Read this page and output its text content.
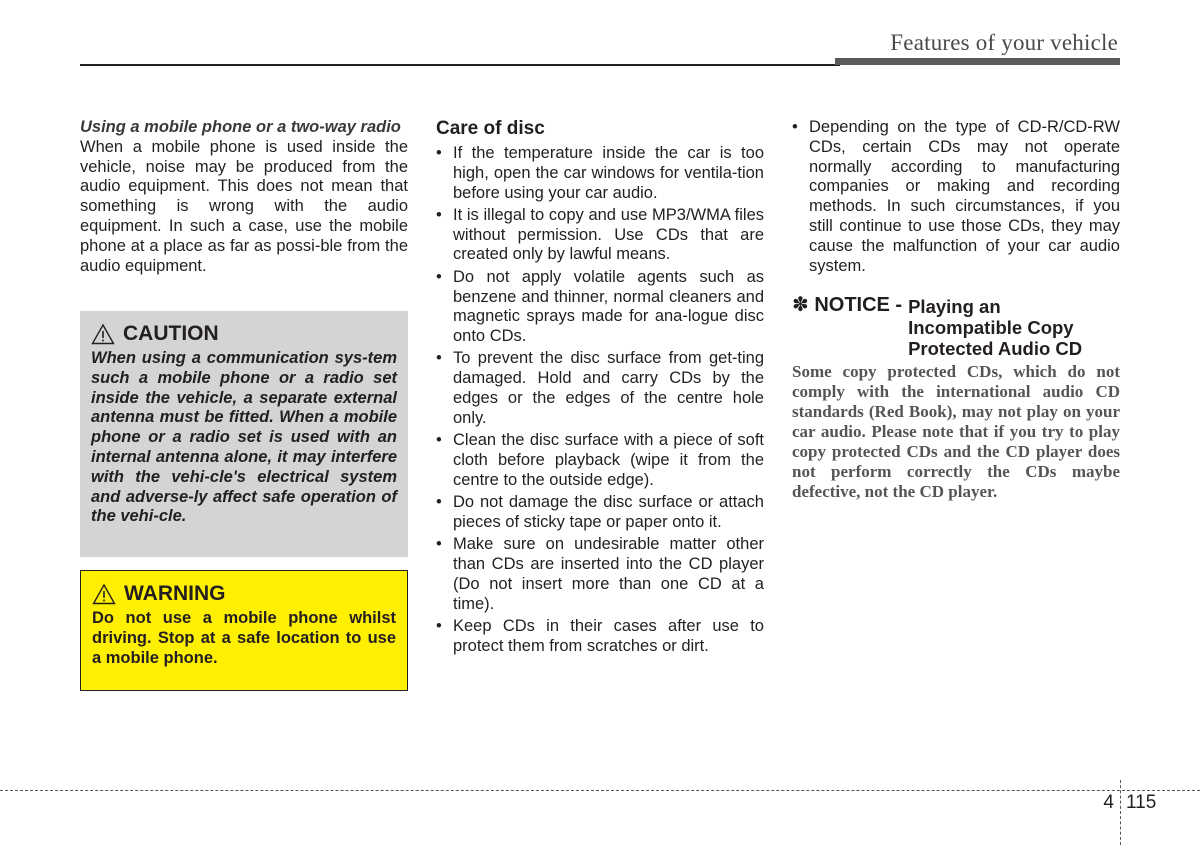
Features of your vehicle
Using a mobile phone or a two-way radio

When a mobile phone is used inside the vehicle, noise may be produced from the audio equipment. This does not mean that something is wrong with the audio equipment. In such a case, use the mobile phone at a place as far as possi-ble from the audio equipment.

CAUTION
When using a communication sys-tem such a mobile phone or a radio set inside the vehicle, a separate external antenna must be fitted. When a mobile phone or a radio set is used with an internal antenna alone, it may interfere with the vehi-cle's electrical system and adverse-ly affect safe operation of the vehi-cle.
WARNING
Do not use a mobile phone whilst driving. Stop at a safe location to use a mobile phone.
Care of disc
• If the temperature inside the car is too high, open the car windows for ventila-tion before using your car audio.
• It is illegal to copy and use MP3/WMA files without permission. Use CDs that are created only by lawful means.
• Do not apply volatile agents such as benzene and thinner, normal cleaners and magnetic sprays made for ana-logue disc onto CDs.
• To prevent the disc surface from get-ting damaged. Hold and carry CDs by the edges or the edges of the centre hole only.
• Clean the disc surface with a piece of soft cloth before playback (wipe it from the centre to the outside edge).
• Do not damage the disc surface or attach pieces of sticky tape or paper onto it.
• Make sure on undesirable matter other than CDs are inserted into the CD player (Do not insert more than one CD at a time).
• Keep CDs in their cases after use to protect them from scratches or dirt.
• Depending on the type of CD-R/CD-RW CDs, certain CDs may not operate normally according to manufacturing companies or making and recording methods. In such circumstances, if you still continue to use those CDs, they may cause the malfunction of your car audio system.
✽ NOTICE - Playing an
Incompatible Copy
Protected Audio CD
Some copy protected CDs, which do not comply with the international audio CD standards (Red Book), may not play on your car audio. Please note that if you try to play copy protected CDs and the CD player does not perform correctly the CDs maybe defective, not the CD player.
4 115
